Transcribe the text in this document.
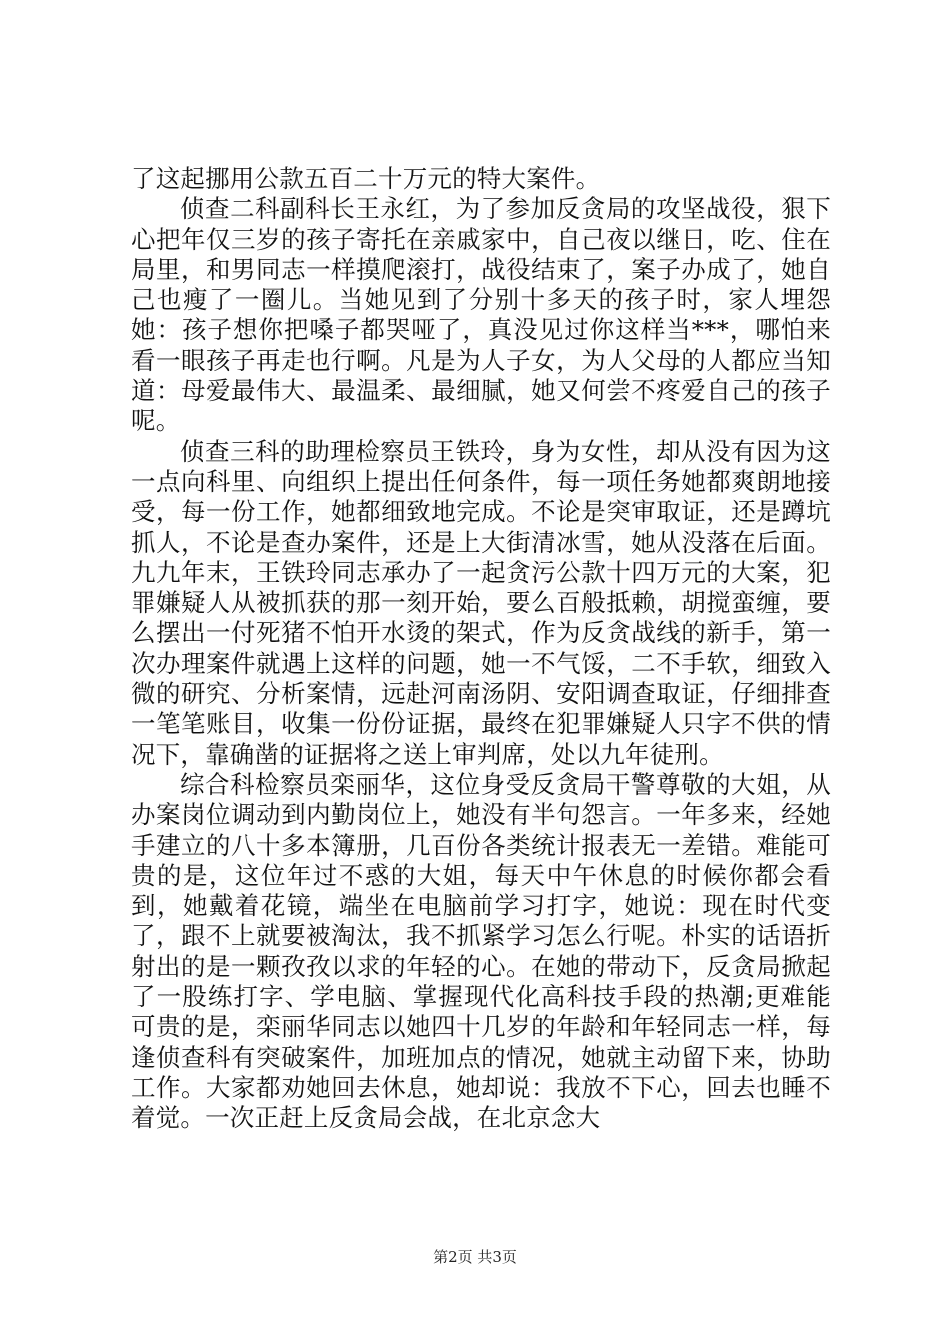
了这起挪用公款五百二十万元的特大案件。

侦查二科副科长王永红，为了参加反贪局的攻坚战役，狠下心把年仅三岁的孩子寄托在亲戚家中，自己夜以继日，吃、住在局里，和男同志一样摸爬滚打，战役结束了，案子办成了，她自己也瘦了一圈儿。当她见到了分别十多天的孩子时，家人埋怨她：孩子想你把嗓子都哭哑了，真没见过你这样当***，哪怕来看一眼孩子再走也行啊。凡是为人子女，为人父母的人都应当知道：母爱最伟大、最温柔、最细腻，她又何尝不疼爱自己的孩子呢。

侦查三科的助理检察员王铁玲，身为女性，却从没有因为这一点向科里、向组织上提出任何条件，每一项任务她都爽朗地接受，每一份工作，她都细致地完成。不论是突审取证，还是蹲坑抓人，不论是查办案件，还是上大街清冰雪，她从没落在后面。九九年末，王铁玲同志承办了一起贪污公款十四万元的大案，犯罪嫌疑人从被抓获的那一刻开始，要么百般抵赖，胡搅蛮缠，要么摆出一付死猪不怕开水烫的架式，作为反贪战线的新手，第一次办理案件就遇上这样的问题，她一不气馁，二不手软，细致入微的研究、分析案情，远赴河南汤阴、安阳调查取证，仔细排查一笔笔账目，收集一份份证据，最终在犯罪嫌疑人只字不供的情况下，靠确凿的证据将之送上审判席，处以九年徒刑。

综合科检察员栾丽华，这位身受反贪局干警尊敬的大姐，从办案岗位调动到内勤岗位上，她没有半句怨言。一年多来，经她手建立的八十多本簿册，几百份各类统计报表无一差错。难能可贵的是，这位年过不惑的大姐，每天中午休息的时候你都会看到，她戴着花镜，端坐在电脑前学习打字，她说：现在时代变了，跟不上就要被淘汰，我不抓紧学习怎么行呢。朴实的话语折射出的是一颗孜孜以求的年轻的心。在她的带动下，反贪局掀起了一股练打字、学电脑、掌握现代化高科技手段的热潮;更难能可贵的是，栾丽华同志以她四十几岁的年龄和年轻同志一样，每逢侦查科有突破案件，加班加点的情况，她就主动留下来，协助工作。大家都劝她回去休息，她却说：我放不下心，回去也睡不着觉。一次正赶上反贪局会战，在北京念大

第2页 共3页
